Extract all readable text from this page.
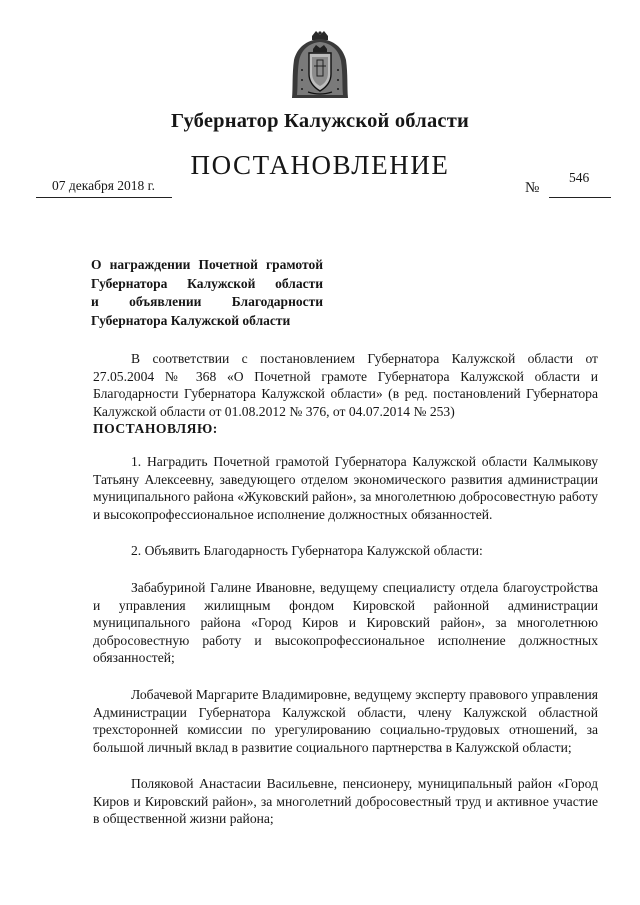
Губернатор Калужской области
ПОСТАНОВЛЕНИЕ
07 декабря 2018 г.	№
546
О награждении Почетной грамотой
Губернатора Калужской области
и объявлении Благодарности
Губернатора Калужской области

В соответствии с постановлением Губернатора Калужской области от 27.05.2004 № 368 «О Почетной грамоте Губернатора Калужской области и Благодарности Губернатора Калужской области» (в ред. постановлений Губернатора Калужской области от 01.08.2012 № 376, от 04.07.2014 № 253)

ПОСТАНОВЛЯЮ:

1. Наградить Почетной грамотой Губернатора Калужской области Калмыкову Татьяну Алексеевну, заведующего отделом экономического развития администрации муниципального района «Жуковский район», за многолетнюю добросовестную работу и высокопрофессиональное исполнение должностных обязанностей.

2. Объявить Благодарность Губернатора Калужской области:

Забабуриной Галине Ивановне, ведущему специалисту отдела благоустройства и управления жилищным фондом Кировской районной администрации муниципального района «Город Киров и Кировский район», за многолетнюю добросовестную работу и высокопрофессиональное исполнение должностных обязанностей;

Лобачевой Маргарите Владимировне, ведущему эксперту правового управления Администрации Губернатора Калужской области, члену Калужской областной трехсторонней комиссии по урегулированию социально-трудовых отношений, за большой личный вклад в развитие социального партнерства в Калужской области;

Поляковой Анастасии Васильевне, пенсионеру, муниципальный район «Город Киров и Кировский район», за многолетний добросовестный труд и активное участие в общественной жизни района;
